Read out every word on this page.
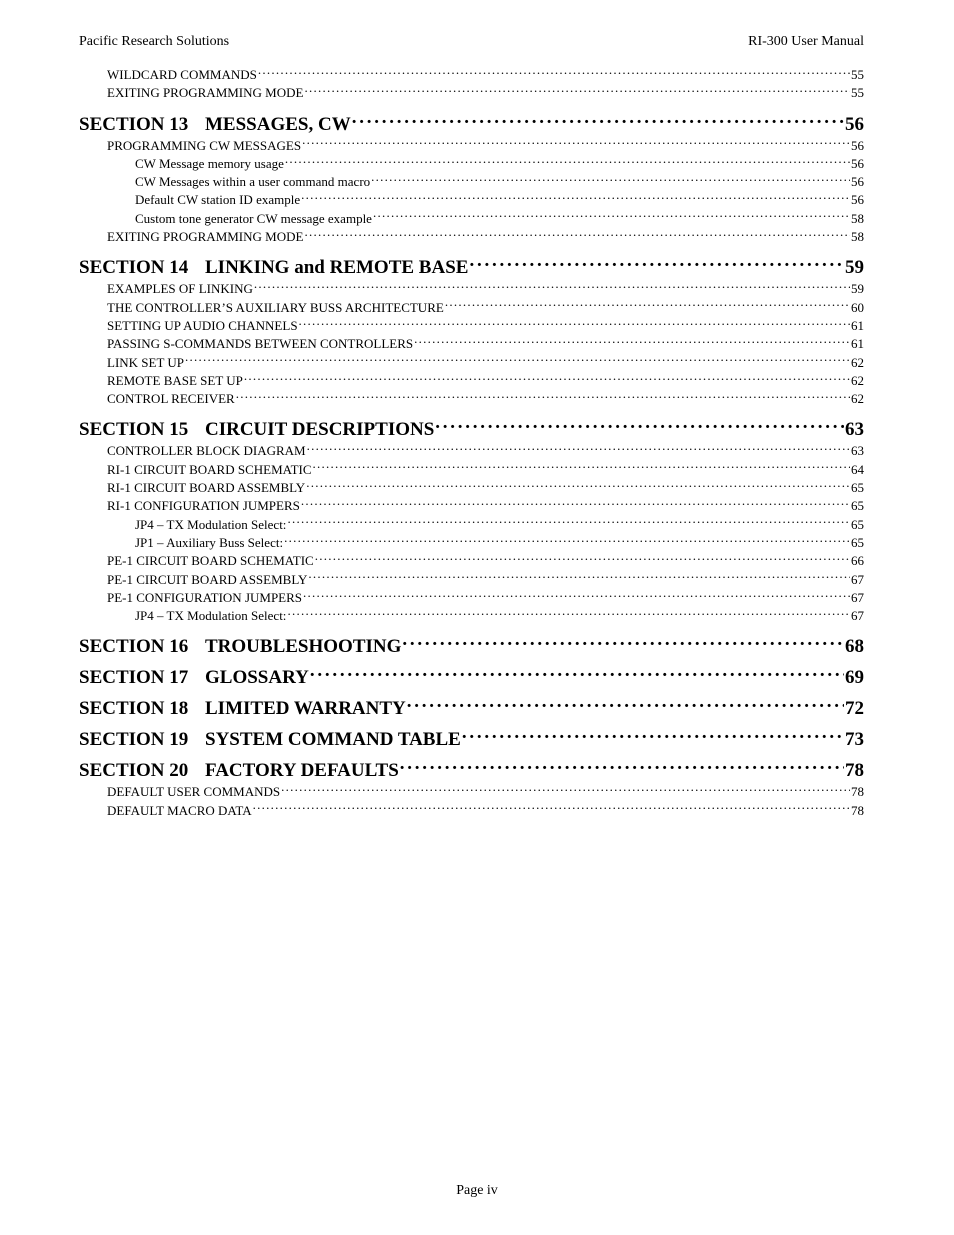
Pacific Research Solutions	RI-300 User Manual
WILDCARD COMMANDS . . .	55
EXITING PROGRAMMING MODE . . .	55
SECTION 13 MESSAGES, CW . . .	56
PROGRAMMING CW MESSAGES . . .	56
CW Message memory usage . . .	56
CW Messages within a user command macro . . .	56
Default CW station ID example . . .	56
Custom tone generator CW message example . . .	58
EXITING PROGRAMMING MODE . . .	58
SECTION 14 LINKING and REMOTE BASE . . .	59
EXAMPLES OF LINKING . . .	59
THE CONTROLLER’S AUXILIARY BUSS ARCHITECTURE . . .	60
SETTING UP AUDIO CHANNELS . . .	61
PASSING S-COMMANDS BETWEEN CONTROLLERS . . .	61
LINK SET UP . . .	62
REMOTE BASE SET UP . . .	62
CONTROL RECEIVER . . .	62
SECTION 15 CIRCUIT DESCRIPTIONS . . .	63
CONTROLLER BLOCK DIAGRAM . . .	63
RI-1 CIRCUIT BOARD SCHEMATIC . . .	64
RI-1 CIRCUIT BOARD ASSEMBLY . . .	65
RI-1 CONFIGURATION JUMPERS . . .	65
JP4 – TX Modulation Select: . . .	65
JP1 – Auxiliary Buss Select: . . .	65
PE-1 CIRCUIT BOARD SCHEMATIC . . .	66
PE-1 CIRCUIT BOARD ASSEMBLY . . .	67
PE-1 CONFIGURATION JUMPERS . . .	67
JP4 – TX Modulation Select: . . .	67
SECTION 16 TROUBLESHOOTING . . .	68
SECTION 17 GLOSSARY . . .	69
SECTION 18 LIMITED WARRANTY . . .	72
SECTION 19 SYSTEM COMMAND TABLE . . .	73
SECTION 20 FACTORY DEFAULTS . . .	78
DEFAULT USER COMMANDS . . .	78
DEFAULT MACRO DATA . . .	78
Page iv
